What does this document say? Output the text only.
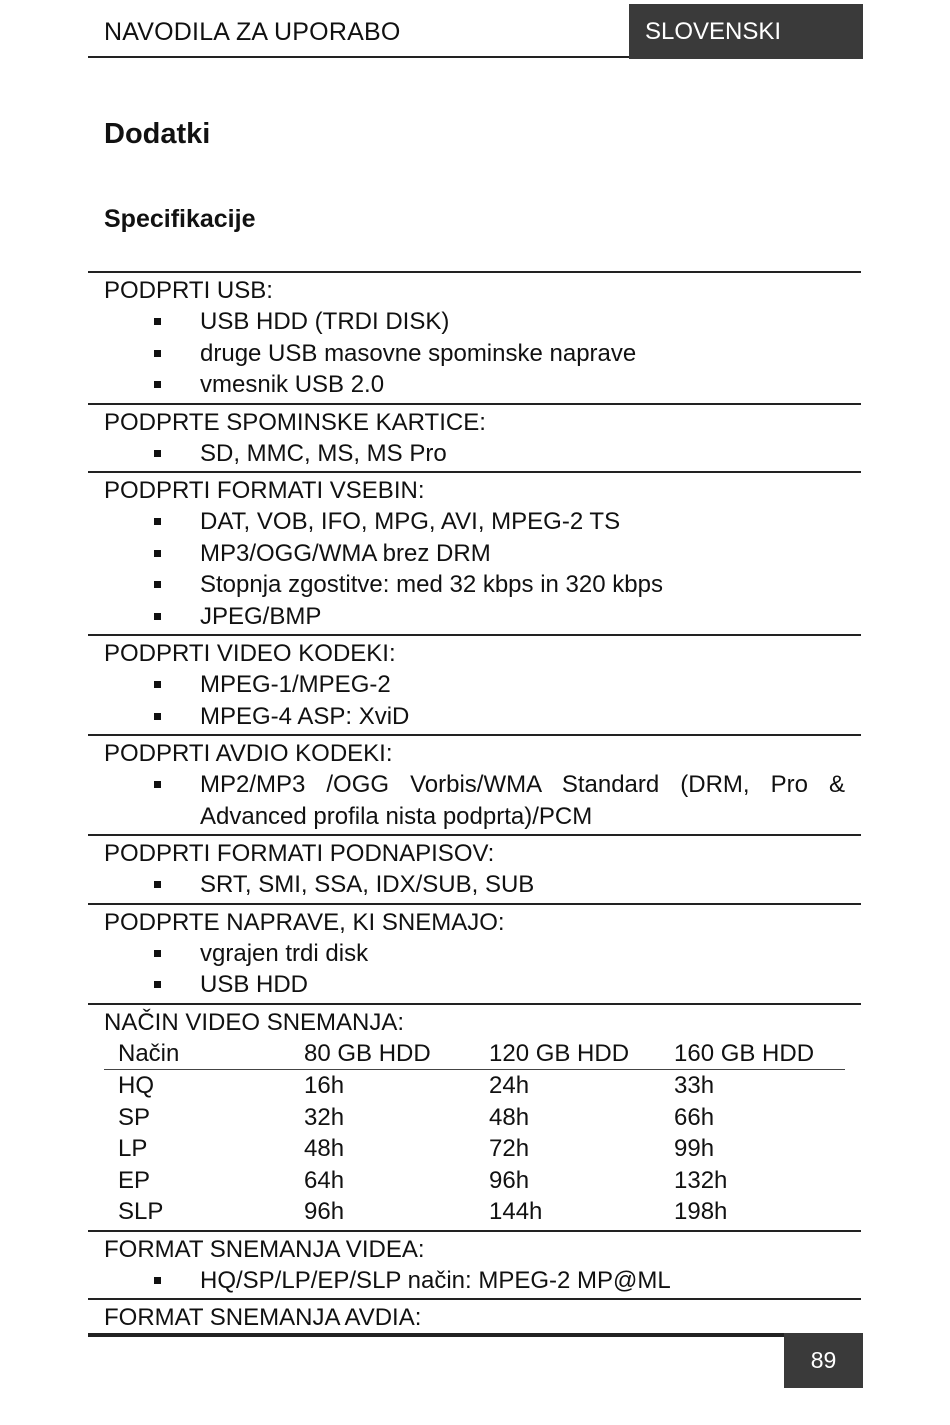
NAVODILA ZA UPORABO	SLOVENSKI
Dodatki
Specifikacije
PODPRTI USB:
USB HDD (TRDI DISK)
druge USB masovne spominske naprave
vmesnik USB 2.0
PODPRTE SPOMINSKE KARTICE:
SD, MMC, MS, MS Pro
PODPRTI FORMATI VSEBIN:
DAT, VOB, IFO, MPG, AVI, MPEG-2 TS
MP3/OGG/WMA brez DRM
Stopnja zgostitve: med 32 kbps in 320 kbps
JPEG/BMP
PODPRTI VIDEO KODEKI:
MPEG-1/MPEG-2
MPEG-4 ASP: XviD
PODPRTI AVDIO KODEKI:
MP2/MP3 /OGG Vorbis/WMA Standard (DRM, Pro & Advanced profila nista podprta)/PCM
PODPRTI FORMATI PODNAPISOV:
SRT, SMI, SSA, IDX/SUB, SUB
PODPRTE NAPRAVE, KI SNEMAJO:
vgrajen trdi disk
USB HDD
NAČIN VIDEO SNEMANJA:
Način	80 GB HDD	120 GB HDD	160 GB HDD
HQ	16h	24h	33h
SP	32h	48h	66h
LP	48h	72h	99h
EP	64h	96h	132h
SLP	96h	144h	198h
FORMAT SNEMANJA VIDEA:
HQ/SP/LP/EP/SLP način: MPEG-2 MP@ML
FORMAT SNEMANJA AVDIA:
89
